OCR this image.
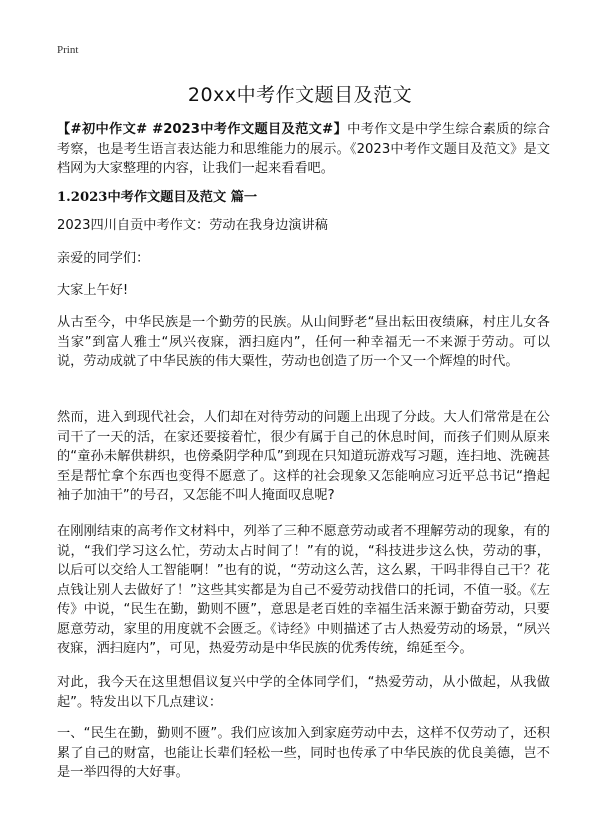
Print
20xx中考作文题目及范文
【#初中作文# #2023中考作文题目及范文#】中考作文是中学生综合素质的综合考察，也是考生语言表达能力和思维能力的展示。《2023中考作文题目及范文》是文档网为大家整理的内容，让我们一起来看看吧。
1.2023中考作文题目及范文 篇一

2023四川自贡中考作文：劳动在我身边演讲稿

亲爱的同学们：

大家上午好!

从古至今，中华民族是一个勤劳的民族。从山间野老“昼出耘田夜绩麻，村庄儿女各当家”到富人雅士“夙兴夜寐，洒扫庭内”，任何一种幸福无一不来源于劳动。可以说，劳动成就了中华民族的伟大粟性，劳动也创造了历一个又一个辉煌的时代。

然而，进入到现代社会，人们却在对待劳动的问题上出现了分歧。大人们常常是在公司干了一天的活，在家还要接着忙，很少有属于自己的休息时间，而孩子们则从原来的“童孙未解供耕织，也傍桑阴学种瓜”到现在只知道玩游戏写习题，连扫地、洗碗甚至是帮忙拿个东西也变得不愿意了。这样的社会现象又怎能响应习近平总书记“撸起袖子加油干”的号召，又怎能不叫人掩面叹息呢?

在刚刚结束的高考作文材料中，列举了三种不愿意劳动或者不理解劳动的现象，有的说，“我们学习这么忙，劳动太占时间了！”有的说，“科技进步这么快，劳动的事，以后可以交给人工智能啊！”也有的说，“劳动这么苦，这么累，干吗非得自己干？花点钱让别人去做好了！”这些其实都是为自己不爱劳动找借口的托词，不值一驳。《左传》中说，“民生在勤，勤则不匮”，意思是老百姓的幸福生活来源于勤奋劳动，只要愿意劳动，家里的用度就不会匮乏。《诗经》中则描述了古人热爱劳动的场景，“夙兴夜寐，洒扫庭内”，可见，热爱劳动是中华民族的优秀传统，绵延至今。

对此，我今天在这里想倡议复兴中学的全体同学们，“热爱劳动，从小做起，从我做起”。特发出以下几点建议：

一、“民生在勤，勤则不匮”。我们应该加入到家庭劳动中去，这样不仅劳动了，还积累了自己的财富，也能让长辈们轻松一些，同时也传承了中华民族的优良美德，岂不是一举四得的大好事。
